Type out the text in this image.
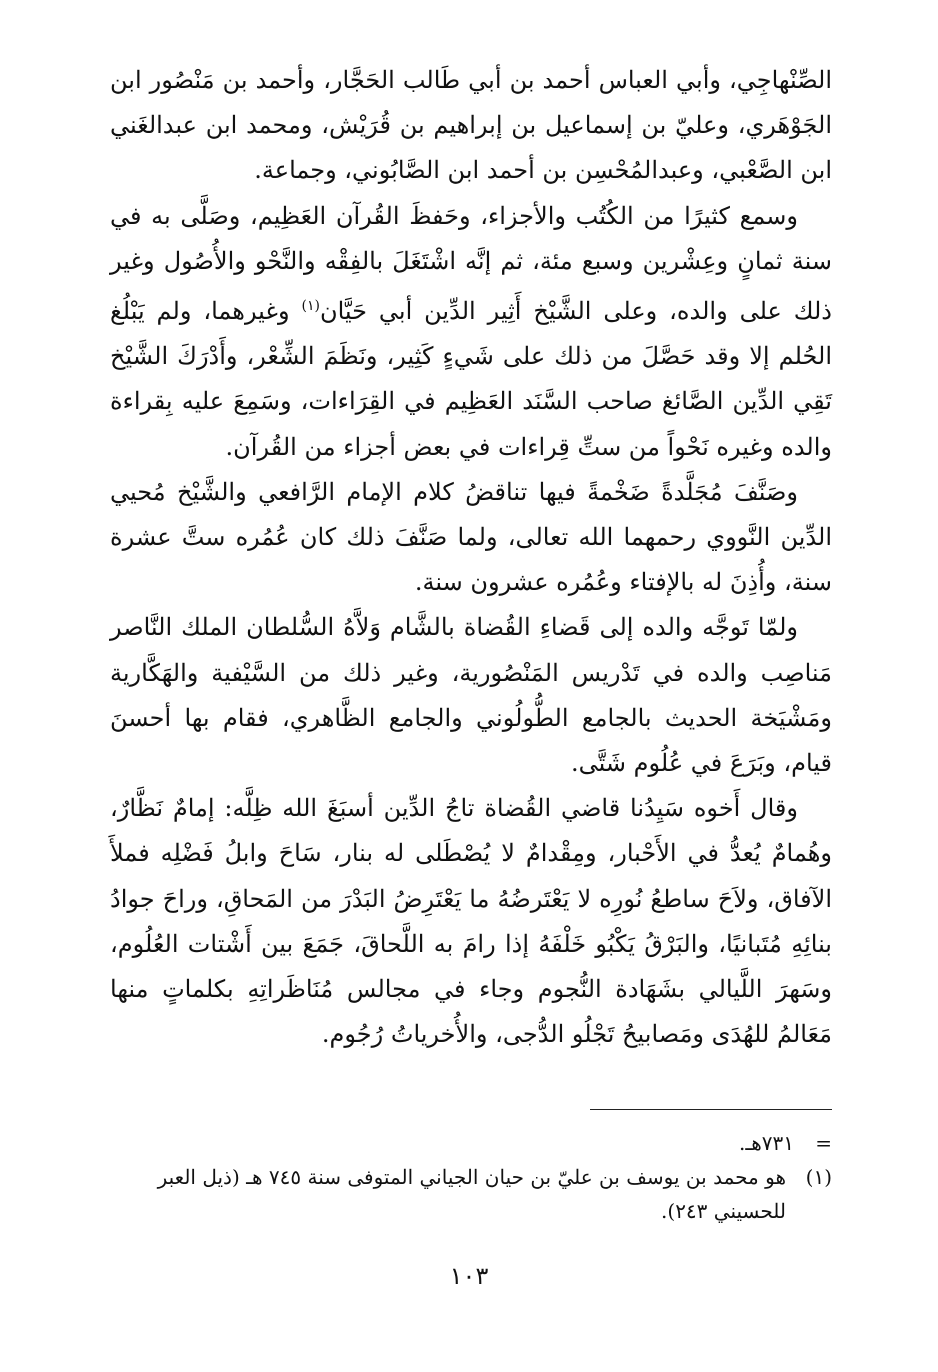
الصِّنْهاجِي، وأبي العباس أحمد بن أبي طَالب الحَجَّار، وأحمد بن مَنْصُور ابن الجَوْهَري، وعليّ بن إسماعيل بن إبراهيم بن قُرَيْش، ومحمد ابن عبدالغَني ابن الصَّعْبي، وعبدالمُحْسِن بن أحمد ابن الصَّابُوني، وجماعة.

وسمع كثيرًا من الكُتُب والأجزاء، وحَفظَ القُرآن العَظِيم، وصَلَّى به في سنة ثمانٍ وعِشْرين وسبع مئة، ثم إنَّه اشْتَغَلَ بالفِقْه والنَّحْو والأُصُول وغير ذلك على والده، وعلى الشَّيْخ أَثِير الدِّين أبي حَيَّان$^{(١)}$ وغيرهما، ولم يَبْلُغ الحُلم إلا وقد حَصَّلَ من ذلك على شَيءٍ كَثِير، ونَظَمَ الشِّعْر، وأَدْرَكَ الشَّيْخ تَقِي الدِّين الصَّائغ صاحب السَّنَد العَظِيم في القِرَاءات، وسَمِعَ عليه بِقراءة والده وغيره نَحْواً من ستِّ قِراءات في بعض أجزاء من القُرآن.

وصَنَّفَ مُجَلَّدةً ضَخْمةً فيها تناقضُ كلام الإمام الرَّافعي والشَّيْخ مُحيي الدِّين النَّووي رحمهما الله تعالى، ولما صَنَّفَ ذلك كان عُمُره ستَّ عشرة سنة، وأُذِنَ له بالإفتاء وعُمُره عشرون سنة.

ولمّا تَوجَّه والده إلى قَضاءِ القُضاة بالشَّام وَلاَّهُ السُّلطان الملك النَّاصر مَناصِب والده في تَدْريس المَنْصُورية، وغير ذلك من السَّيْفية والهَكَّارية ومَشْيَخة الحديث بالجامع الطُّولُوني والجامع الظَّاهري، فقام بها أحسنَ قيام، وبَرَعَ في عُلُوم شَتَّى.

وقال أَخوه سَيِدُنا قاضي القُضاة تاجُ الدِّين أسبَغَ الله ظِلَّه: إمامٌ نَظَّارٌ، وهُمامٌ يُعدُّ في الأَحْبار، ومِقْدامٌ لا يُصْطَلى له بنار، سَاحَ وابلُ فَضْلِه فملأَ الآفاق، ولاَحَ ساطعُ نُورِه لا يَعْتَرضُهُ ما يَعْتَرِضُ البَدْرَ من المَحاقِ، وراحَ جوادُ بنائِهِ مُتَبانيًا، والبَرْقُ يَكْبُو خَلْفَهُ إذا رامَ به اللَّحاقَ، جَمَعَ بين أَشْتات العُلُوم، وسَهرَ اللَّيالي بشَهَادة النُّجوم وجاء في مجالس مُنَاظَراتِهِ بكلماتٍ منها مَعَالمُ للهُدَى ومَصابيحُ تَجْلُو الدُّجى، والأُخرياتُ رُجُوم.

=٧٣١هـ.

(١)هو محمد بن يوسف بن عليّ بن حيان الجياني المتوفى سنة ٧٤٥ هـ (ذيل العبر

للحسيني ٢٤٣).

١٠٣
